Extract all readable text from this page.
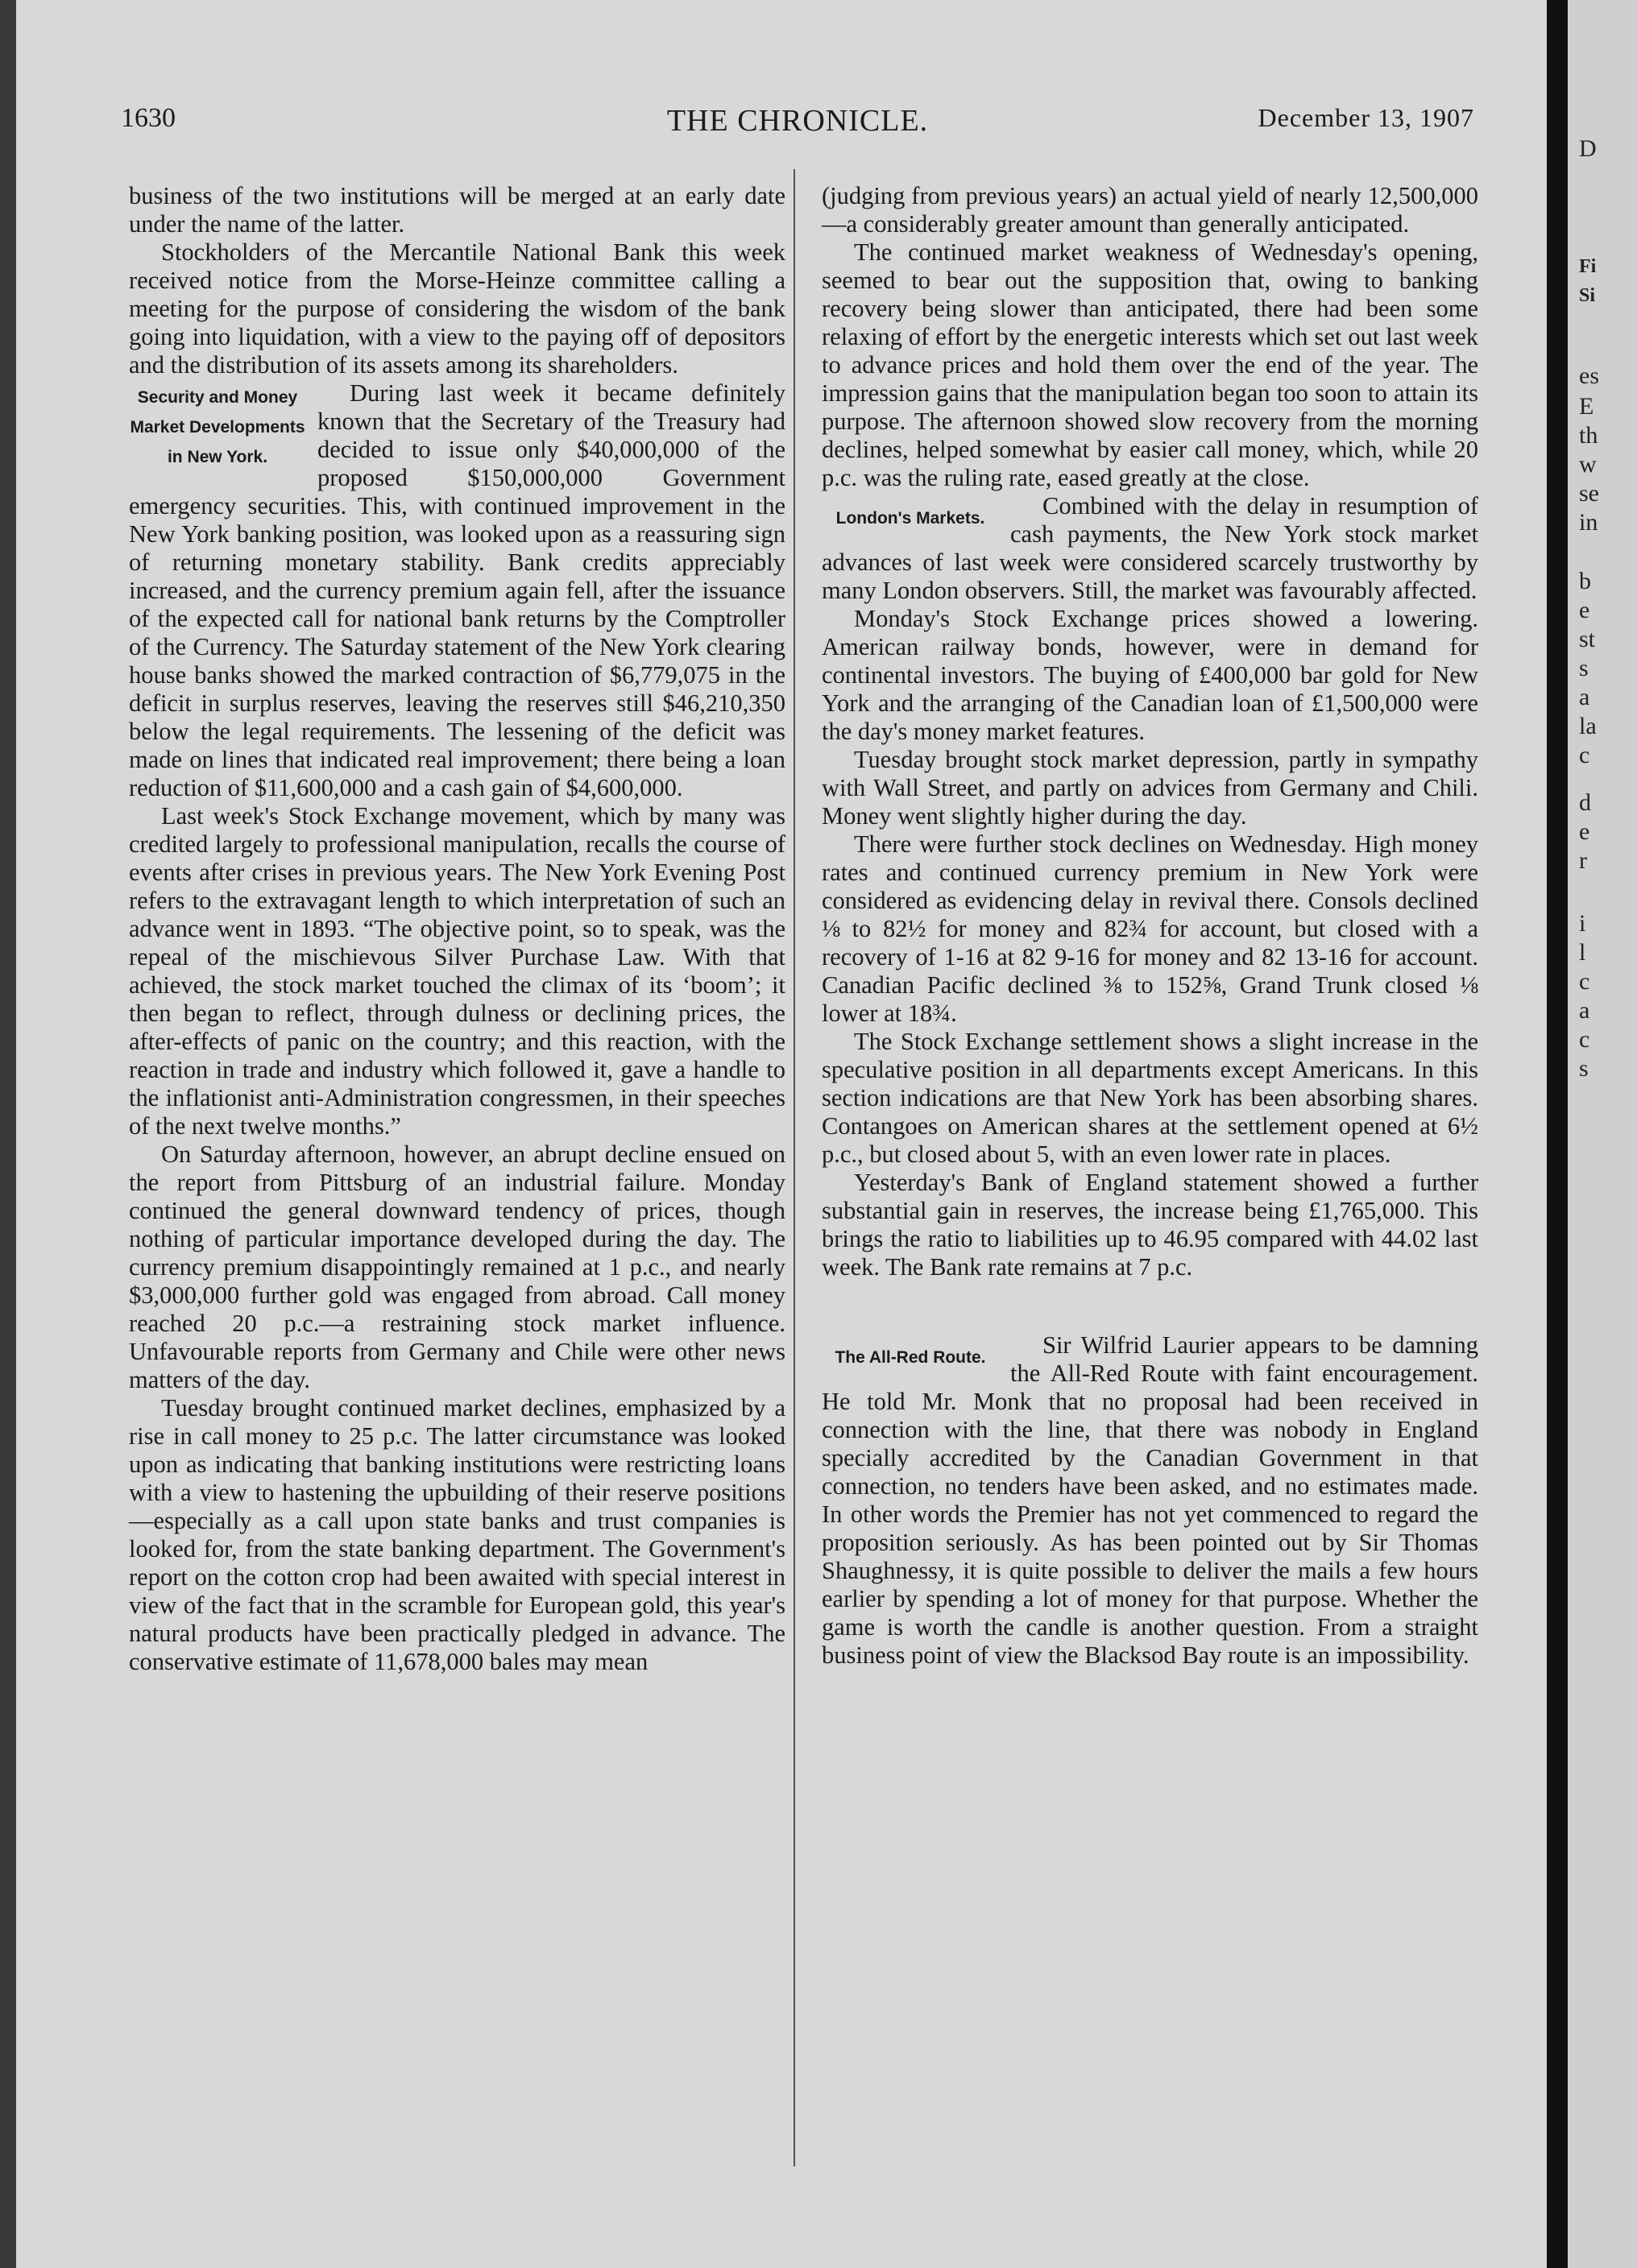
1630	THE CHRONICLE.	December 13, 1907

business of the two institutions will be merged at an early date under the name of the latter.

Stockholders of the Mercantile National Bank this week received notice from the Morse-Heinze committee calling a meeting for the purpose of considering the wisdom of the bank going into liquidation, with a view to the paying off of depositors and the distribution of its assets among its shareholders.

Security and Money Market Developments in New York.

During last week it became definitely known that the Secretary of the Treasury had decided to issue only $40,000,000 of the proposed $150,000,000 Government emergency securities. This, with continued improvement in the New York banking position, was looked upon as a reassuring sign of returning monetary stability. Bank credits appreciably increased, and the currency premium again fell, after the issuance of the expected call for national bank returns by the Comptroller of the Currency. The Saturday statement of the New York clearing house banks showed the marked contraction of $6,779,075 in the deficit in surplus reserves, leaving the reserves still $46,210,350 below the legal requirements. The lessening of the deficit was made on lines that indicated real improvement; there being a loan reduction of $11,600,000 and a cash gain of $4,600,000.

Last week's Stock Exchange movement, which by many was credited largely to professional manipulation, recalls the course of events after crises in previous years. The New York Evening Post refers to the extravagant length to which interpretation of such an advance went in 1893. “The objective point, so to speak, was the repeal of the mischievous Silver Purchase Law. With that achieved, the stock market touched the climax of its ‘boom’; it then began to reflect, through dulness or declining prices, the after-effects of panic on the country; and this reaction, with the reaction in trade and industry which followed it, gave a handle to the inflationist anti-Administration congressmen, in their speeches of the next twelve months.”

On Saturday afternoon, however, an abrupt decline ensued on the report from Pittsburg of an industrial failure. Monday continued the general downward tendency of prices, though nothing of particular importance developed during the day. The currency premium disappointingly remained at 1 p.c., and nearly $3,000,000 further gold was engaged from abroad. Call money reached 20 p.c.—a restraining stock market influence. Unfavourable reports from Germany and Chile were other news matters of the day.

Tuesday brought continued market declines, emphasized by a rise in call money to 25 p.c. The latter circumstance was looked upon as indicating that banking institutions were restricting loans with a view to hastening the upbuilding of their reserve positions—especially as a call upon state banks and trust companies is looked for, from the state banking department. The Government's report on the cotton crop had been awaited with special interest in view of the fact that in the scramble for European gold, this year's natural products have been practically pledged in advance. The conservative estimate of 11,678,000 bales may mean

(judging from previous years) an actual yield of nearly 12,500,000—a considerably greater amount than generally anticipated.

The continued market weakness of Wednesday's opening, seemed to bear out the supposition that, owing to banking recovery being slower than anticipated, there had been some relaxing of effort by the energetic interests which set out last week to advance prices and hold them over the end of the year. The impression gains that the manipulation began too soon to attain its purpose. The afternoon showed slow recovery from the morning declines, helped somewhat by easier call money, which, while 20 p.c. was the ruling rate, eased greatly at the close.

London's Markets.	Combined with the delay in resumption of cash payments, the New York stock market advances of last week were considered scarcely trustworthy by many London observers. Still, the market was favourably affected.

Monday's Stock Exchange prices showed a lowering. American railway bonds, however, were in demand for continental investors. The buying of £400,000 bar gold for New York and the arranging of the Canadian loan of £1,500,000 were the day's money market features.

Tuesday brought stock market depression, partly in sympathy with Wall Street, and partly on advices from Germany and Chili. Money went slightly higher during the day.

There were further stock declines on Wednesday. High money rates and continued currency premium in New York were considered as evidencing delay in revival there. Consols declined ⅛ to 82½ for money and 82¾ for account, but closed with a recovery of 1-16 at 82 9-16 for money and 82 13-16 for account. Canadian Pacific declined ⅜ to 152⅝, Grand Trunk closed ⅛ lower at 18¾.

The Stock Exchange settlement shows a slight increase in the speculative position in all departments except Americans. In this section indications are that New York has been absorbing shares. Contangoes on American shares at the settlement opened at 6½ p.c., but closed about 5, with an even lower rate in places.

Yesterday's Bank of England statement showed a further substantial gain in reserves, the increase being £1,765,000. This brings the ratio to liabilities up to 46.95 compared with 44.02 last week. The Bank rate remains at 7 p.c.

The All-Red Route.	Sir Wilfrid Laurier appears to be damning the All-Red Route with faint encouragement. He told Mr. Monk that no proposal had been received in connection with the line, that there was nobody in England specially accredited by the Canadian Government in that connection, no tenders have been asked, and no estimates made. In other words the Premier has not yet commenced to regard the proposition seriously. As has been pointed out by Sir Thomas Shaughnessy, it is quite possible to deliver the mails a few hours earlier by spending a lot of money for that purpose. Whether the game is worth the candle is another question. From a straight business point of view the Blacksod Bay route is an impossibility.

D
Fi
Si
es
E
th
w
se
in
b
e
st
s
a
la
c
d
e
r
i
l
c
a
c
s
